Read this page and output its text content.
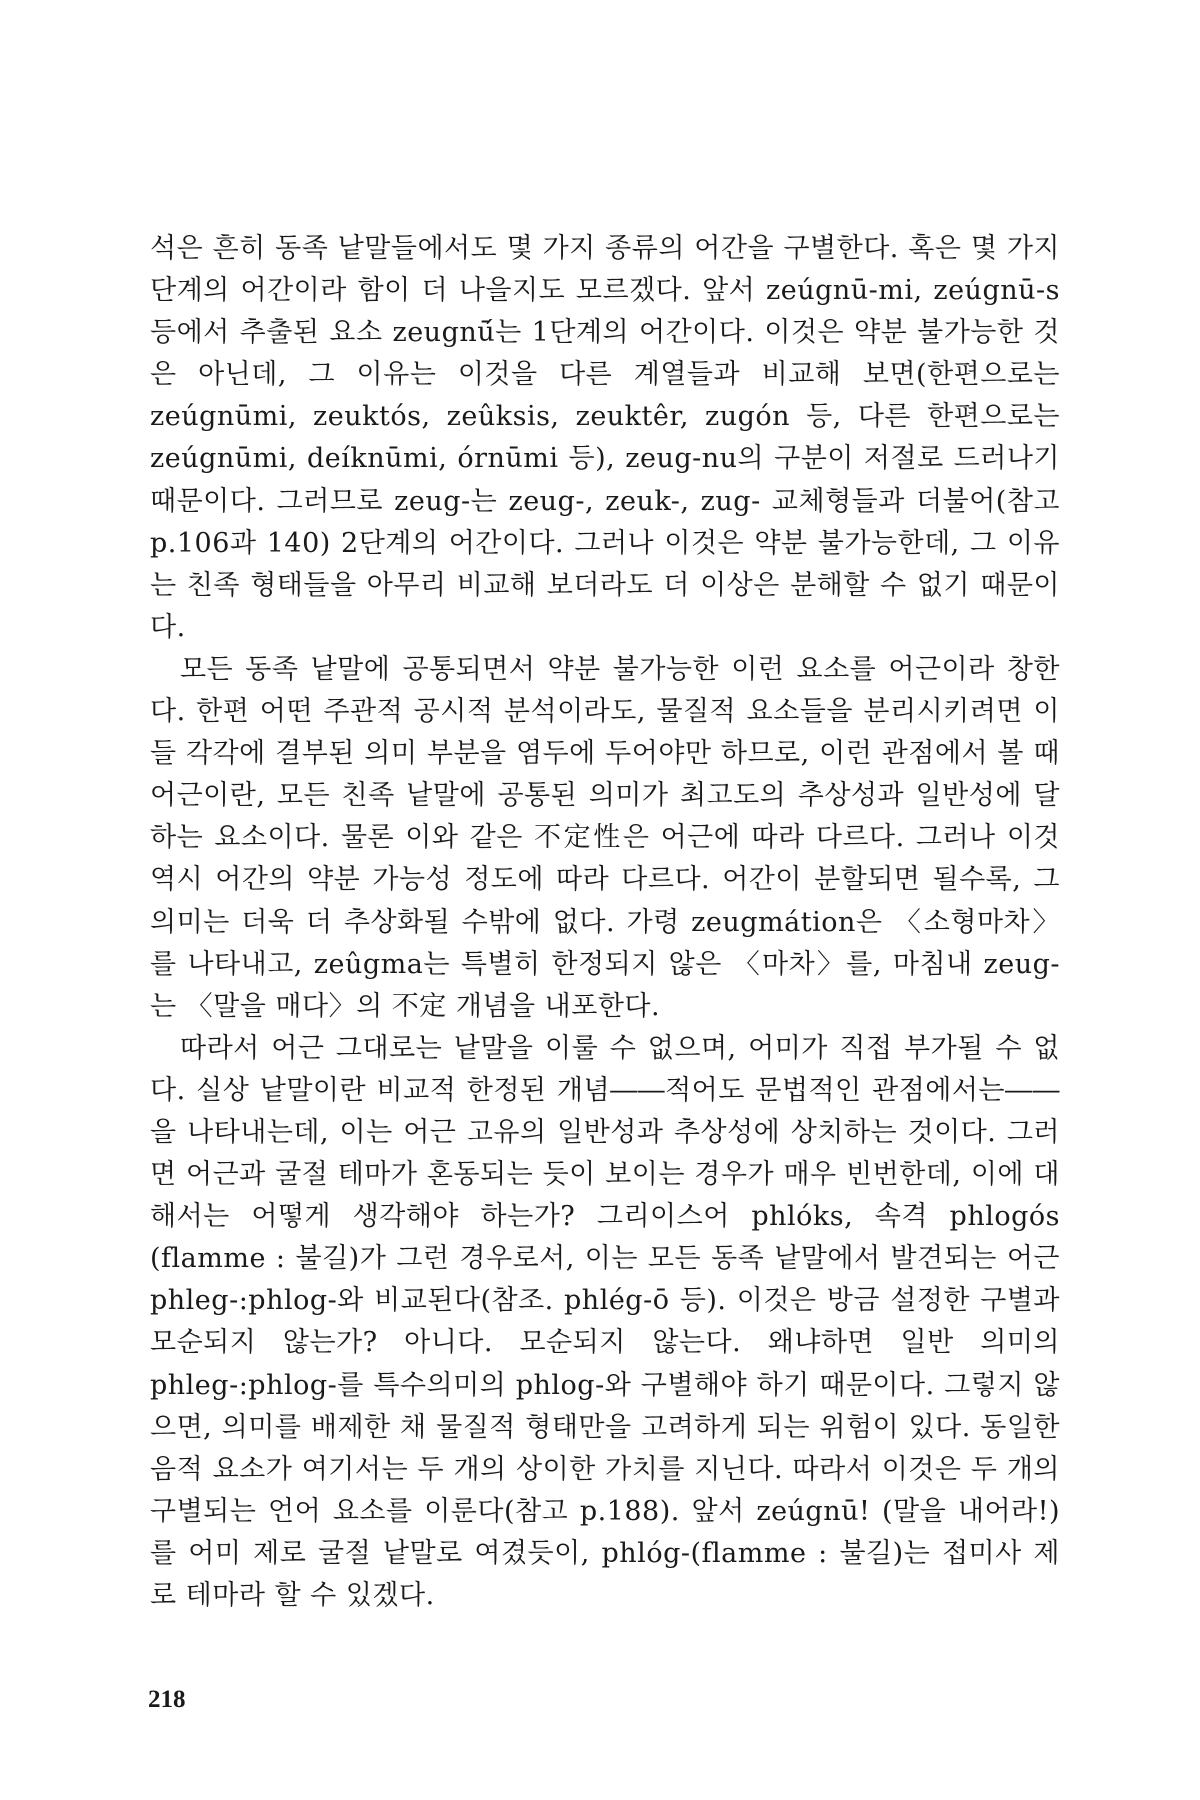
석은 흔히 동족 낱말들에서도 몇 가지 종류의 어간을 구별한다. 혹은 몇 가지 단계의 어간이라 함이 더 나을지도 모르겠다. 앞서 zeúgnū-mi, zeúgnū-s 등에서 추출된 요소 zeugnū́는 1단계의 어간이다. 이것은 약분 불가능한 것은 아닌데, 그 이유는 이것을 다른 계열들과 비교해 보면(한편으로는 zeúgnūmi, zeuktós, zeûksis, zeuktêr, zugón 등, 다른 한편으로는 zeúgnūmi, deíknūmi, órnūmi 등), zeug-nu의 구분이 저절로 드러나기 때문이다. 그러므로 zeug-는 zeug-, zeuk-, zug- 교체형들과 더불어(참고 p.106과 140) 2단계의 어간이다. 그러나 이것은 약분 불가능한데, 그 이유는 친족 형태들을 아무리 비교해 보더라도 더 이상은 분해할 수 없기 때문이다.

모든 동족 낱말에 공통되면서 약분 불가능한 이런 요소를 어근이라 창한다. 한편 어떤 주관적 공시적 분석이라도, 물질적 요소들을 분리시키려면 이들 각각에 결부된 의미 부분을 염두에 두어야만 하므로, 이런 관점에서 볼 때 어근이란, 모든 친족 낱말에 공통된 의미가 최고도의 추상성과 일반성에 달하는 요소이다. 물론 이와 같은 不定性은 어근에 따라 다르다. 그러나 이것 역시 어간의 약분 가능성 정도에 따라 다르다. 어간이 분할되면 될수록, 그 의미는 더욱 더 추상화될 수밖에 없다. 가령 zeugmátion은 〈소형마차〉를 나타내고, zeûgma는 특별히 한정되지 않은 〈마차〉를, 마침내 zeug-는 〈말을 매다〉의 不定 개념을 내포한다.

따라서 어근 그대로는 낱말을 이룰 수 없으며, 어미가 직접 부가될 수 없다. 실상 낱말이란 비교적 한정된 개념――적어도 문법적인 관점에서는――을 나타내는데, 이는 어근 고유의 일반성과 추상성에 상치하는 것이다. 그러면 어근과 굴절 테마가 혼동되는 듯이 보이는 경우가 매우 빈번한데, 이에 대해서는 어떻게 생각해야 하는가? 그리이스어 phlóks, 속격 phlogós (flamme : 불길)가 그런 경우로서, 이는 모든 동족 낱말에서 발견되는 어근 phleg-:phlog-와 비교된다(참조. phlég-ō 등). 이것은 방금 설정한 구별과 모순되지 않는가? 아니다. 모순되지 않는다. 왜냐하면 일반 의미의 phleg-:phlog-를 특수의미의 phlog-와 구별해야 하기 때문이다. 그렇지 않으면, 의미를 배제한 채 물질적 형태만을 고려하게 되는 위험이 있다. 동일한 음적 요소가 여기서는 두 개의 상이한 가치를 지닌다. 따라서 이것은 두 개의 구별되는 언어 요소를 이룬다(참고 p.188). 앞서 zeúgnū! (말을 내어라!)를 어미 제로 굴절 낱말로 여겼듯이, phlóg-(flamme : 불길)는 접미사 제로 테마라 할 수 있겠다.

218
